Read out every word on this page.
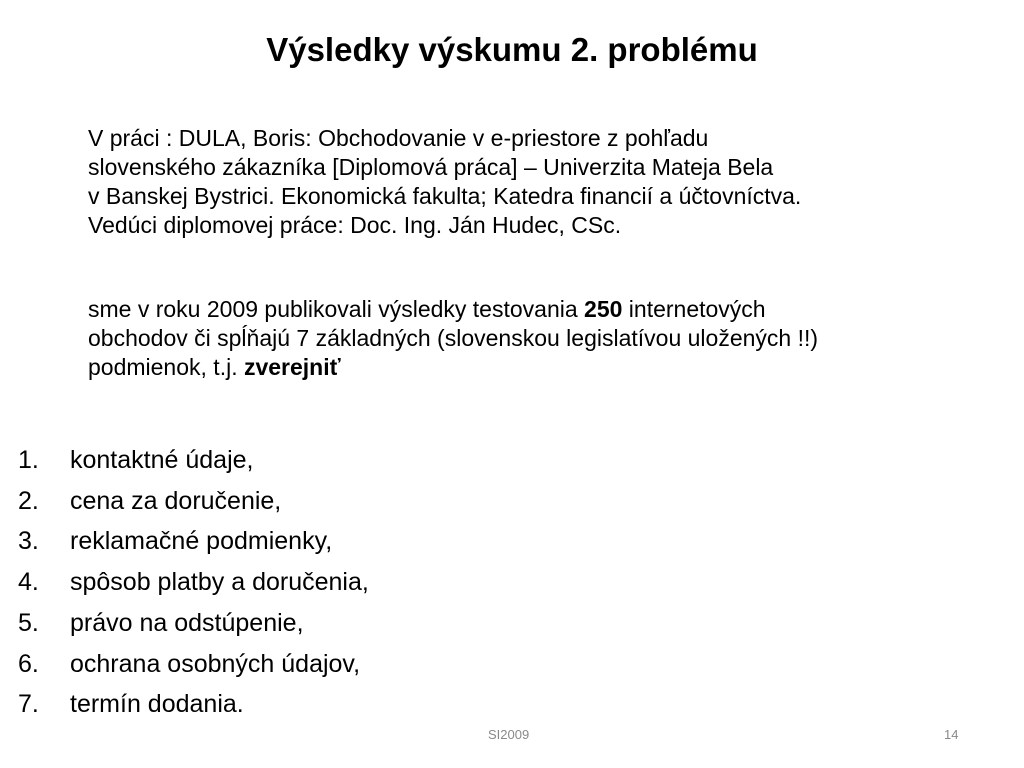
Výsledky výskumu 2. problému
V práci : DULA, Boris: Obchodovanie v e-priestore z pohľadu
slovenského zákazníka [Diplomová práca] – Univerzita Mateja Bela
v Banskej Bystrici. Ekonomická fakulta; Katedra financií a účtovníctva.
Vedúci diplomovej práce: Doc. Ing. Ján Hudec, CSc.
sme v roku 2009 publikovali výsledky testovania 250 internetových
obchodov či spĺňajú 7 základných (slovenskou legislatívou uložených !!)
podmienok, t.j. zverejniť
1. kontaktné údaje,
2. cena za doručenie,
3. reklamačné podmienky,
4. spôsob platby a doručenia,
5. právo na odstúpenie,
6. ochrana osobných údajov,
7. termín dodania.
SI2009	14
